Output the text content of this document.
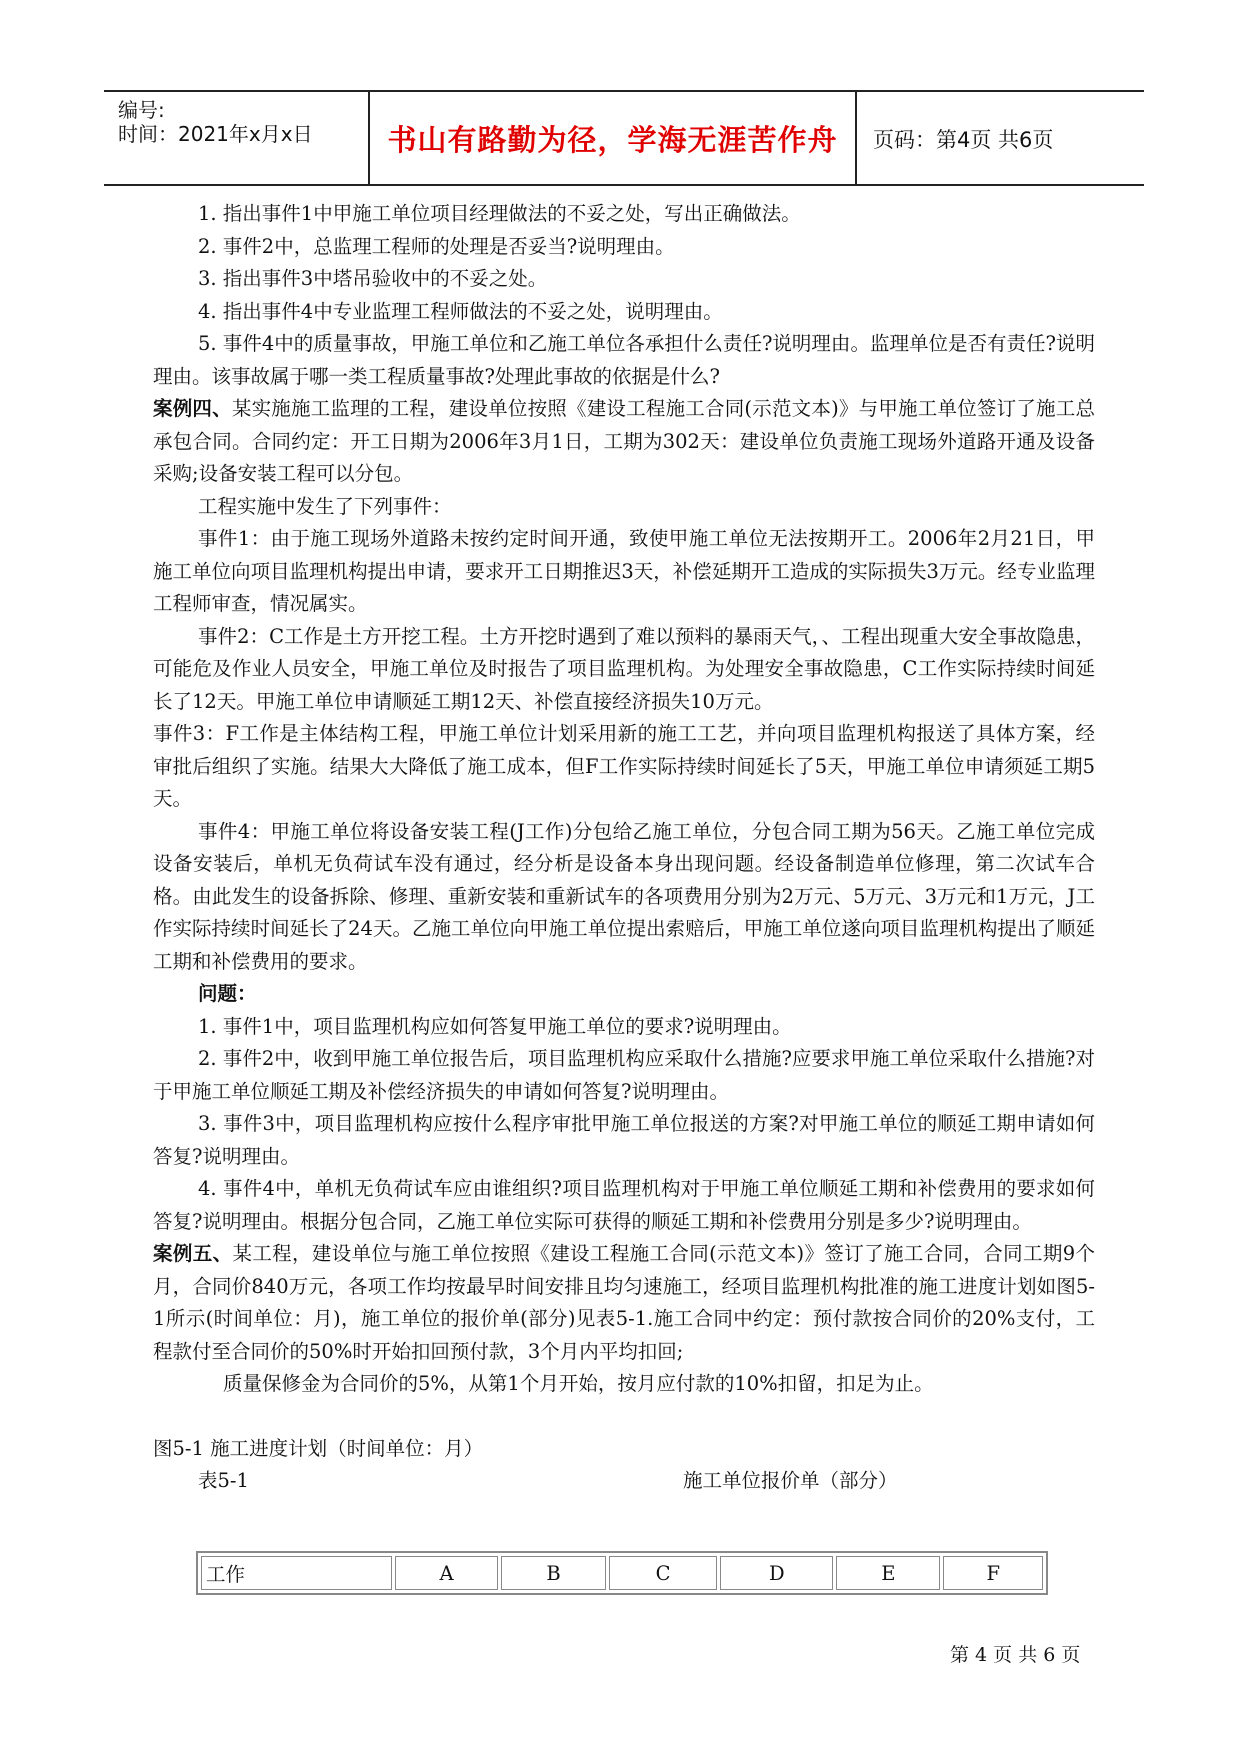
编号:
时间：2021年x月x日	书山有路勤为径，学海无涯苦作舟	页码：第4页 共6页

1. 指出事件1中甲施工单位项目经理做法的不妥之处，写出正确做法。

2. 事件2中，总监理工程师的处理是否妥当?说明理由。

3. 指出事件3中塔吊验收中的不妥之处。

4. 指出事件4中专业监理工程师做法的不妥之处，说明理由。

5. 事件4中的质量事故，甲施工单位和乙施工单位各承担什么责任?说明理由。监理单位是否有责任?说明理由。该事故属于哪一类工程质量事故?处理此事故的依据是什么?

案例四、某实施施工监理的工程，建设单位按照《建设工程施工合同(示范文本)》与甲施工单位签订了施工总承包合同。合同约定：开工日期为2006年3月1日，工期为302天：建设单位负责施工现场外道路开通及设备采购;设备安装工程可以分包。

工程实施中发生了下列事件：

事件1：由于施工现场外道路未按约定时间开通，致使甲施工单位无法按期开工。2006年2月21日，甲施工单位向项目监理机构提出申请，要求开工日期推迟3天，补偿延期开工造成的实际损失3万元。经专业监理工程师审查，情况属实。

事件2：C工作是土方开挖工程。土方开挖时遇到了难以预料的暴雨天气，、工程出现重大安全事故隐患，可能危及作业人员安全，甲施工单位及时报告了项目监理机构。为处理安全事故隐患，C工作实际持续时间延长了12天。甲施工单位申请顺延工期12天、补偿直接经济损失10万元。

事件3：F工作是主体结构工程，甲施工单位计划采用新的施工工艺，并向项目监理机构报送了具体方案，经审批后组织了实施。结果大大降低了施工成本，但F工作实际持续时间延长了5天，甲施工单位申请须延工期5天。

事件4：甲施工单位将设备安装工程(J工作)分包给乙施工单位，分包合同工期为56天。乙施工单位完成设备安装后，单机无负荷试车没有通过，经分析是设备本身出现问题。经设备制造单位修理，第二次试车合格。由此发生的设备拆除、修理、重新安装和重新试车的各项费用分别为2万元、5万元、3万元和1万元，J工作实际持续时间延长了24天。乙施工单位向甲施工单位提出索赔后，甲施工单位遂向项目监理机构提出了顺延工期和补偿费用的要求。

问题：

1. 事件1中，项目监理机构应如何答复甲施工单位的要求?说明理由。

2. 事件2中，收到甲施工单位报告后，项目监理机构应采取什么措施?应要求甲施工单位采取什么措施?对于甲施工单位顺延工期及补偿经济损失的申请如何答复?说明理由。

3. 事件3中，项目监理机构应按什么程序审批甲施工单位报送的方案?对甲施工单位的顺延工期申请如何答复?说明理由。

4. 事件4中，单机无负荷试车应由谁组织?项目监理机构对于甲施工单位顺延工期和补偿费用的要求如何答复?说明理由。根据分包合同，乙施工单位实际可获得的顺延工期和补偿费用分别是多少?说明理由。

案例五、某工程，建设单位与施工单位按照《建设工程施工合同(示范文本)》签订了施工合同，合同工期9个月，合同价840万元，各项工作均按最早时间安排且均匀速施工，经项目监理机构批准的施工进度计划如图5-1所示(时间单位：月)，施工单位的报价单(部分)见表5-1.施工合同中约定：预付款按合同价的20%支付，工程款付至合同价的50%时开始扣回预付款，3个月内平均扣回;

质量保修金为合同价的5%，从第1个月开始，按月应付款的10%扣留，扣足为止。

图5-1 施工进度计划（时间单位：月）

表5-1	施工单位报价单（部分）
工作	A	B	C	D	E	F
第 4 页 共 6 页
